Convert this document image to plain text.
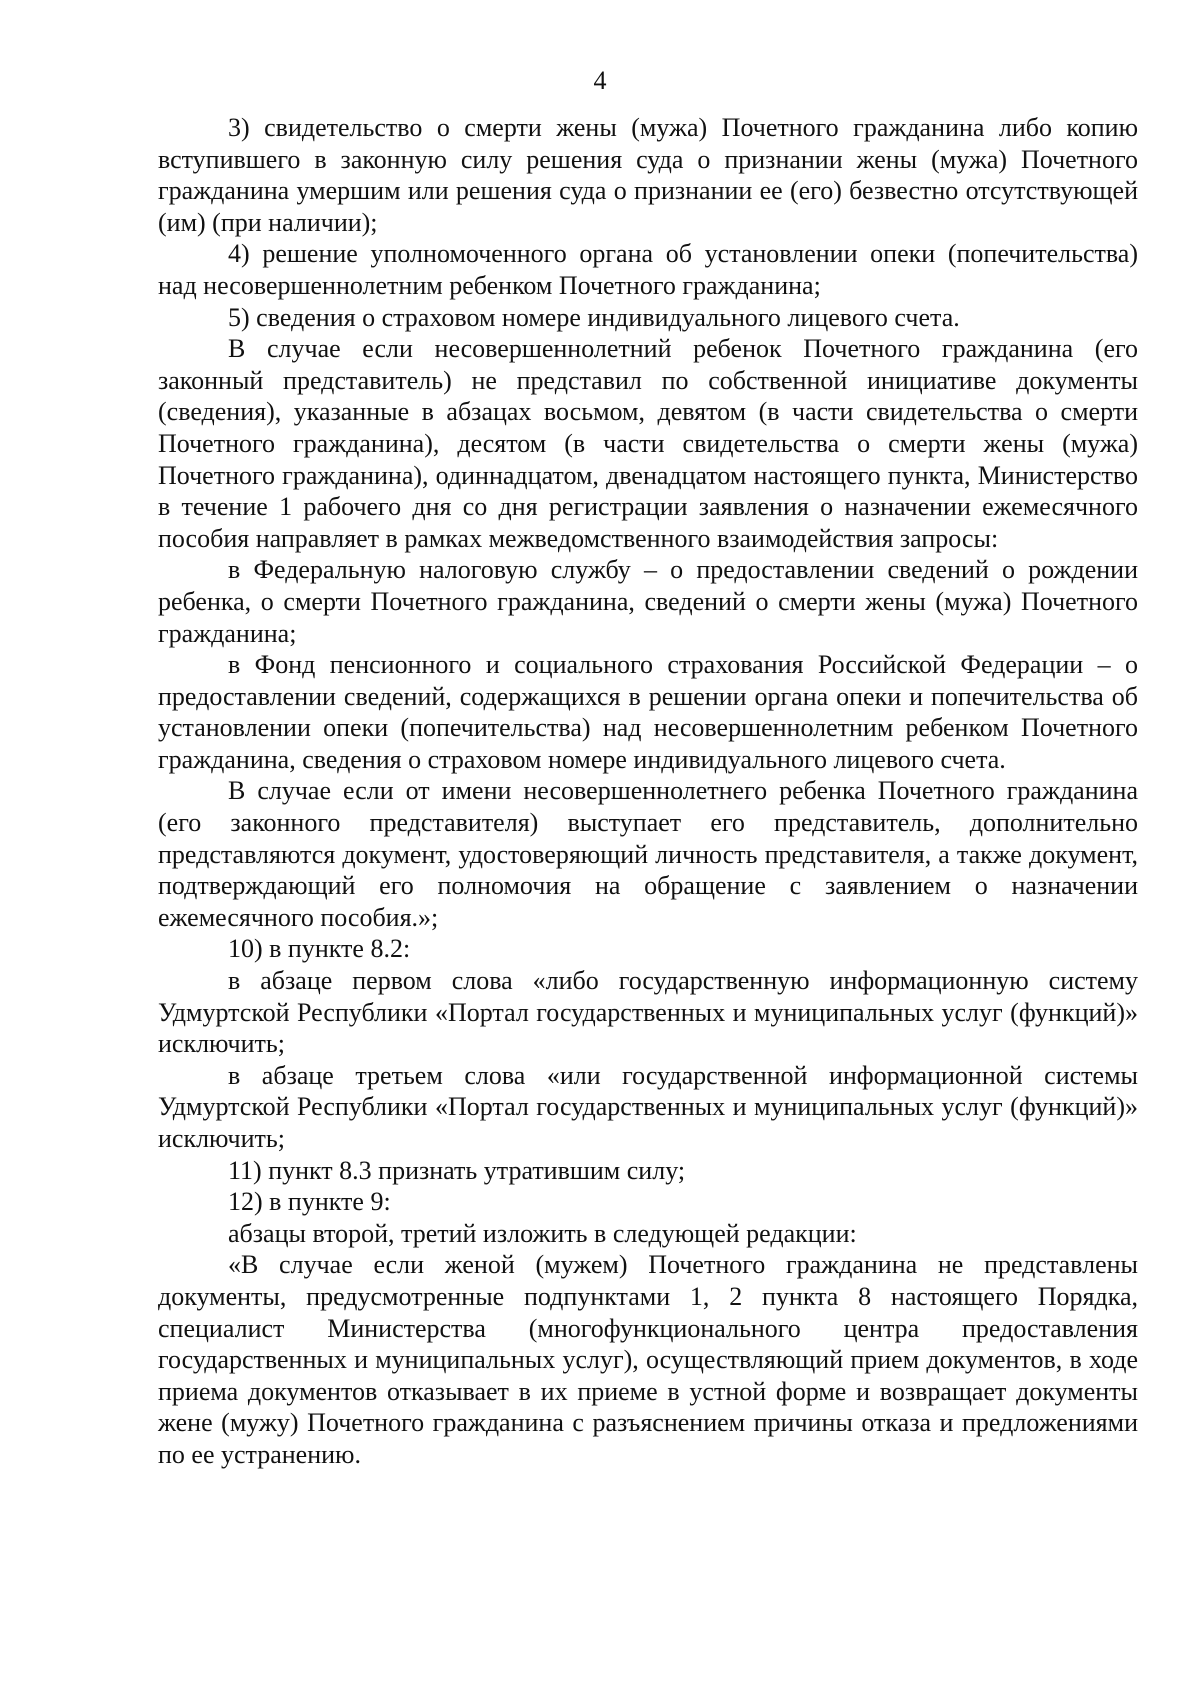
4

3) свидетельство о смерти жены (мужа) Почетного гражданина либо копию вступившего в законную силу решения суда о признании жены (мужа) Почетного гражданина умершим или решения суда о признании ее (его) безвестно отсутствующей (им) (при наличии);

4) решение уполномоченного органа об установлении опеки (попечительства) над несовершеннолетним ребенком Почетного гражданина;

5) сведения о страховом номере индивидуального лицевого счета.

В случае если несовершеннолетний ребенок Почетного гражданина (его законный представитель) не представил по собственной инициативе документы (сведения), указанные в абзацах восьмом, девятом (в части свидетельства о смерти Почетного гражданина), десятом (в части свидетельства о смерти жены (мужа) Почетного гражданина), одиннадцатом, двенадцатом настоящего пункта, Министерство в течение 1 рабочего дня со дня регистрации заявления о назначении ежемесячного пособия направляет в рамках межведомственного взаимодействия запросы:

в Федеральную налоговую службу – о предоставлении сведений о рождении ребенка, о смерти Почетного гражданина, сведений о смерти жены (мужа) Почетного гражданина;

в Фонд пенсионного и социального страхования Российской Федерации – о предоставлении сведений, содержащихся в решении органа опеки и попечительства об установлении опеки (попечительства) над несовершеннолетним ребенком Почетного гражданина, сведения о страховом номере индивидуального лицевого счета.

В случае если от имени несовершеннолетнего ребенка Почетного гражданина (его законного представителя) выступает его представитель, дополнительно представляются документ, удостоверяющий личность представителя, а также документ, подтверждающий его полномочия на обращение с заявлением о назначении ежемесячного пособия.»;

10) в пункте 8.2:

в абзаце первом слова «либо государственную информационную систему Удмуртской Республики «Портал государственных и муниципальных услуг (функций)» исключить;

в абзаце третьем слова «или государственной информационной системы Удмуртской Республики «Портал государственных и муниципальных услуг (функций)» исключить;

11) пункт 8.3 признать утратившим силу;

12) в пункте 9:

абзацы второй, третий изложить в следующей редакции:

«В случае если женой (мужем) Почетного гражданина не представлены документы, предусмотренные подпунктами 1, 2 пункта 8 настоящего Порядка, специалист Министерства (многофункционального центра предоставления государственных и муниципальных услуг), осуществляющий прием документов, в ходе приема документов отказывает в их приеме в устной форме и возвращает документы жене (мужу) Почетного гражданина с разъяснением причины отказа и предложениями по ее устранению.
